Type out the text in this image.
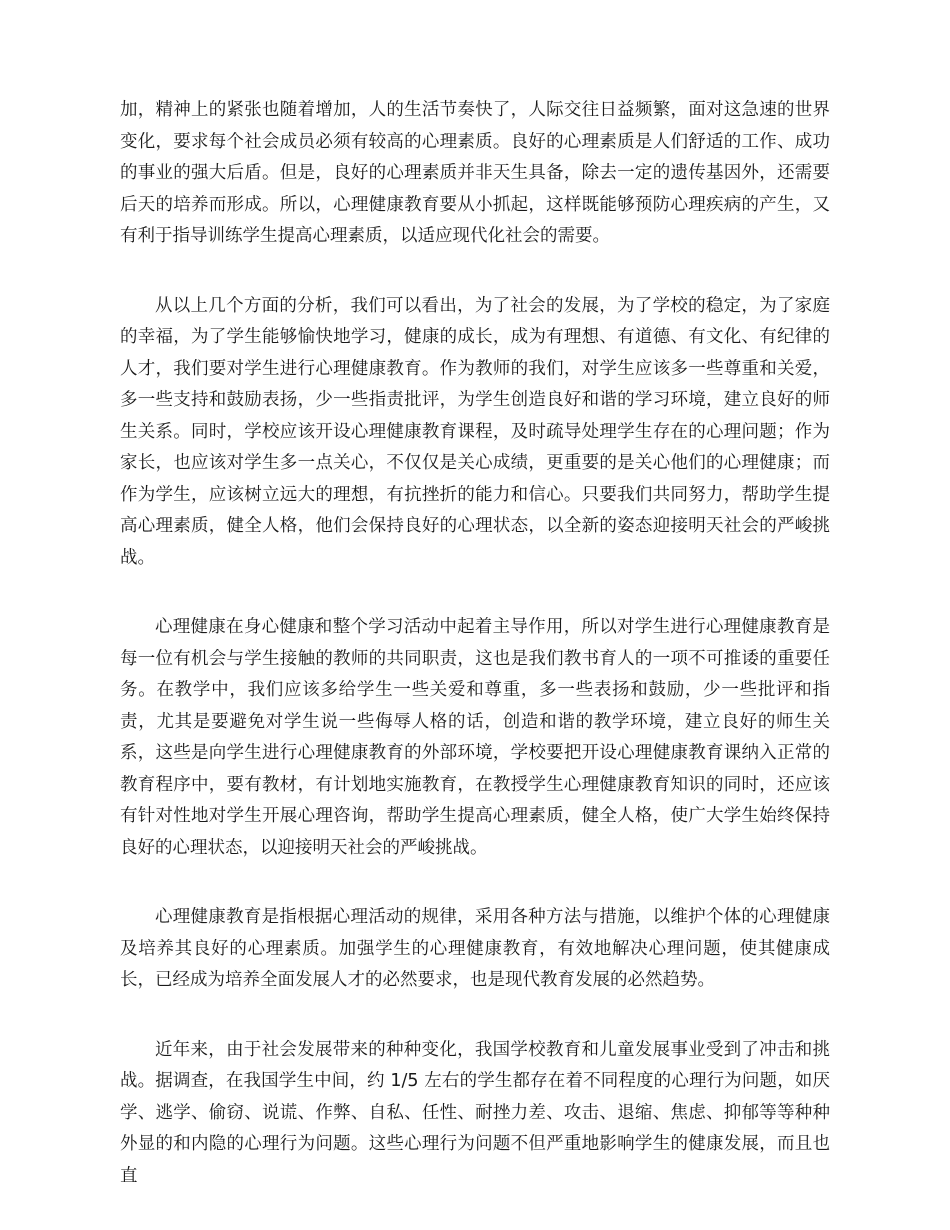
加，精神上的紧张也随着增加，人的生活节奏快了，人际交往日益频繁，面对这急速的世界变化，要求每个社会成员必须有较高的心理素质。良好的心理素质是人们舒适的工作、成功的事业的强大后盾。但是，良好的心理素质并非天生具备，除去一定的遗传基因外，还需要后天的培养而形成。所以，心理健康教育要从小抓起，这样既能够预防心理疾病的产生，又有利于指导训练学生提高心理素质，以适应现代化社会的需要。

从以上几个方面的分析，我们可以看出，为了社会的发展，为了学校的稳定，为了家庭的幸福，为了学生能够愉快地学习，健康的成长，成为有理想、有道德、有文化、有纪律的人才，我们要对学生进行心理健康教育。作为教师的我们，对学生应该多一些尊重和关爱，多一些支持和鼓励表扬，少一些指责批评，为学生创造良好和谐的学习环境，建立良好的师生关系。同时，学校应该开设心理健康教育课程，及时疏导处理学生存在的心理问题；作为家长，也应该对学生多一点关心，不仅仅是关心成绩，更重要的是关心他们的心理健康；而作为学生，应该树立远大的理想，有抗挫折的能力和信心。只要我们共同努力，帮助学生提高心理素质，健全人格，他们会保持良好的心理状态，以全新的姿态迎接明天社会的严峻挑战。

心理健康在身心健康和整个学习活动中起着主导作用，所以对学生进行心理健康教育是每一位有机会与学生接触的教师的共同职责，这也是我们教书育人的一项不可推诿的重要任务。在教学中，我们应该多给学生一些关爱和尊重，多一些表扬和鼓励，少一些批评和指责，尤其是要避免对学生说一些侮辱人格的话，创造和谐的教学环境，建立良好的师生关系，这些是向学生进行心理健康教育的外部环境，学校要把开设心理健康教育课纳入正常的教育程序中，要有教材，有计划地实施教育，在教授学生心理健康教育知识的同时，还应该有针对性地对学生开展心理咨询，帮助学生提高心理素质，健全人格，使广大学生始终保持良好的心理状态，以迎接明天社会的严峻挑战。

心理健康教育是指根据心理活动的规律，采用各种方法与措施，以维护个体的心理健康及培养其良好的心理素质。加强学生的心理健康教育，有效地解决心理问题，使其健康成长，已经成为培养全面发展人才的必然要求，也是现代教育发展的必然趋势。

近年来，由于社会发展带来的种种变化，我国学校教育和儿童发展事业受到了冲击和挑战。据调查，在我国学生中间，约 1/5 左右的学生都存在着不同程度的心理行为问题，如厌学、逃学、偷窃、说谎、作弊、自私、任性、耐挫力差、攻击、退缩、焦虑、抑郁等等种种外显的和内隐的心理行为问题。这些心理行为问题不但严重地影响学生的健康发展，而且也直
